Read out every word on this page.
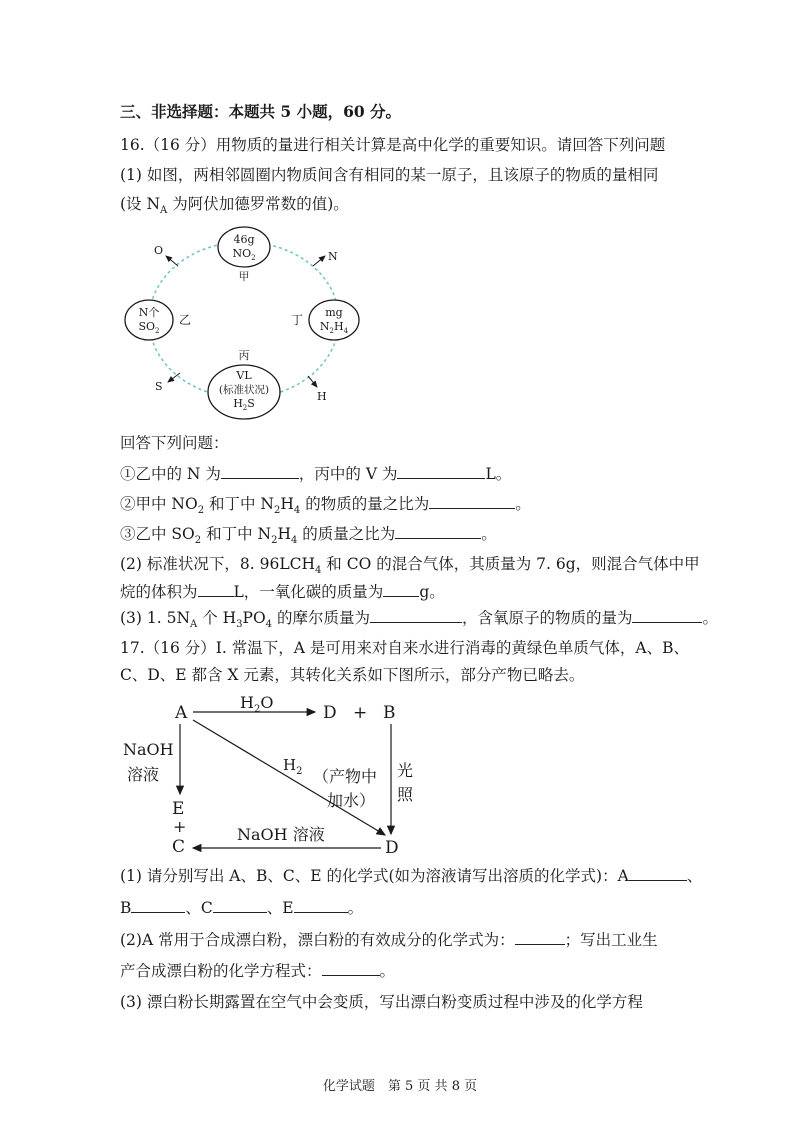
三、非选择题：本题共 5 小题，60 分。
16.（16 分）用物质的量进行相关计算是高中化学的重要知识。请回答下列问题
(1) 如图，两相邻圆圈内物质间含有相同的某一原子，且该原子的物质的量相同
(设 $N_A$ 为阿伏加德罗常数的值)。
46g
$NO_2$
甲
N个
$SO_2$
乙
mg
$N_2H_4$
丁
丙
VL
(标准状况)
$H_2S$
O	N
S
H
回答下列问题：
①乙中的 N 为	，丙中的 V 为	L。
②甲中 $NO_2$ 和丁中 $N_2H_4$ 的物质的量之比为	。
③乙中 $SO_2$ 和丁中 $N_2H_4$ 的质量之比为	。
(2) 标准状况下，8. $96LCH_4$ 和 CO 的混合气体，其质量为 7. 6g，则混合气体中甲
烷的体积为 L，一氧化碳的质量为 g。
(3) 1. $5N_A$ 个 $H_3PO_4$ 的摩尔质量为	，含氧原子的物质的量为	。
17.（16 分）I. 常温下，A 是可用来对自来水进行消毒的黄绿色单质气体，A、B、
C、D、E 都含 X 元素，其转化关系如下图所示，部分产物已略去。
A
$H_2O$
D + B
NaOH
溶液
E
+
C
$H_2$ （产物中
加水）
光
照
D
NaOH 溶液
(1) 请分别写出 A、B、C、E 的化学式(如为溶液请写出溶质的化学式)：A	、
B	、C	、E	。
(2)A 常用于合成漂白粉，漂白粉的有效成分的化学式为：	；写出工业生
产合成漂白粉的化学方程式：	。
(3) 漂白粉长期露置在空气中会变质，写出漂白粉变质过程中涉及的化学方程
化学试题　第 5 页 共 8 页
